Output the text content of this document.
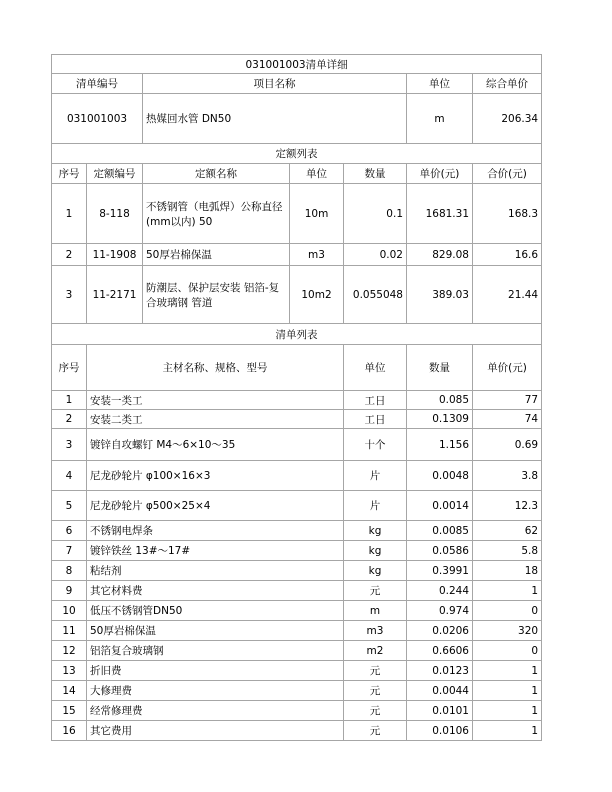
031001003清单详细							
清单编号		项目名称			单位	综合单价	
031001003		热媒回水管 DN50			m	206.34	
定额列表							
序号	定额编号	定额名称	单位	数量	单价(元)	合价(元)	
1	8-118	不锈钢管（电弧焊）公称直径(mm以内) 50	10m	0.1	1681.31	168.3	
2	11-1908	50厚岩棉保温	m3	0.02	829.08	16.6	
3	11-2171	防潮层、保护层安装 铝箔-复合玻璃钢 管道	10m2	0.055048	389.03	21.44	
清单列表							
序号	主材名称、规格、型号			单位	数量	单价(元)	
1	安装一类工			工日	0.085	77	
2	安装二类工			工日	0.1309	74	
3	镀锌自攻螺钉 M4～6×10～35			十个	1.156	0.69	
4	尼龙砂轮片 φ100×16×3			片	0.0048	3.8	
5	尼龙砂轮片 φ500×25×4			片	0.0014	12.3	
6	不锈钢电焊条			kg	0.0085	62	
7	镀锌铁丝 13#～17#			kg	0.0586	5.8	
8	粘结剂			kg	0.3991	18	
9	其它材料费			元	0.244	1	
10	低压不锈钢管DN50			m	0.974	0	
11	50厚岩棉保温			m3	0.0206	320	
12	铝箔复合玻璃钢			m2	0.6606	0	
13	折旧费			元	0.0123	1	
14	大修理费			元	0.0044	1	
15	经常修理费			元	0.0101	1	
16	其它费用			元	0.0106	1	
